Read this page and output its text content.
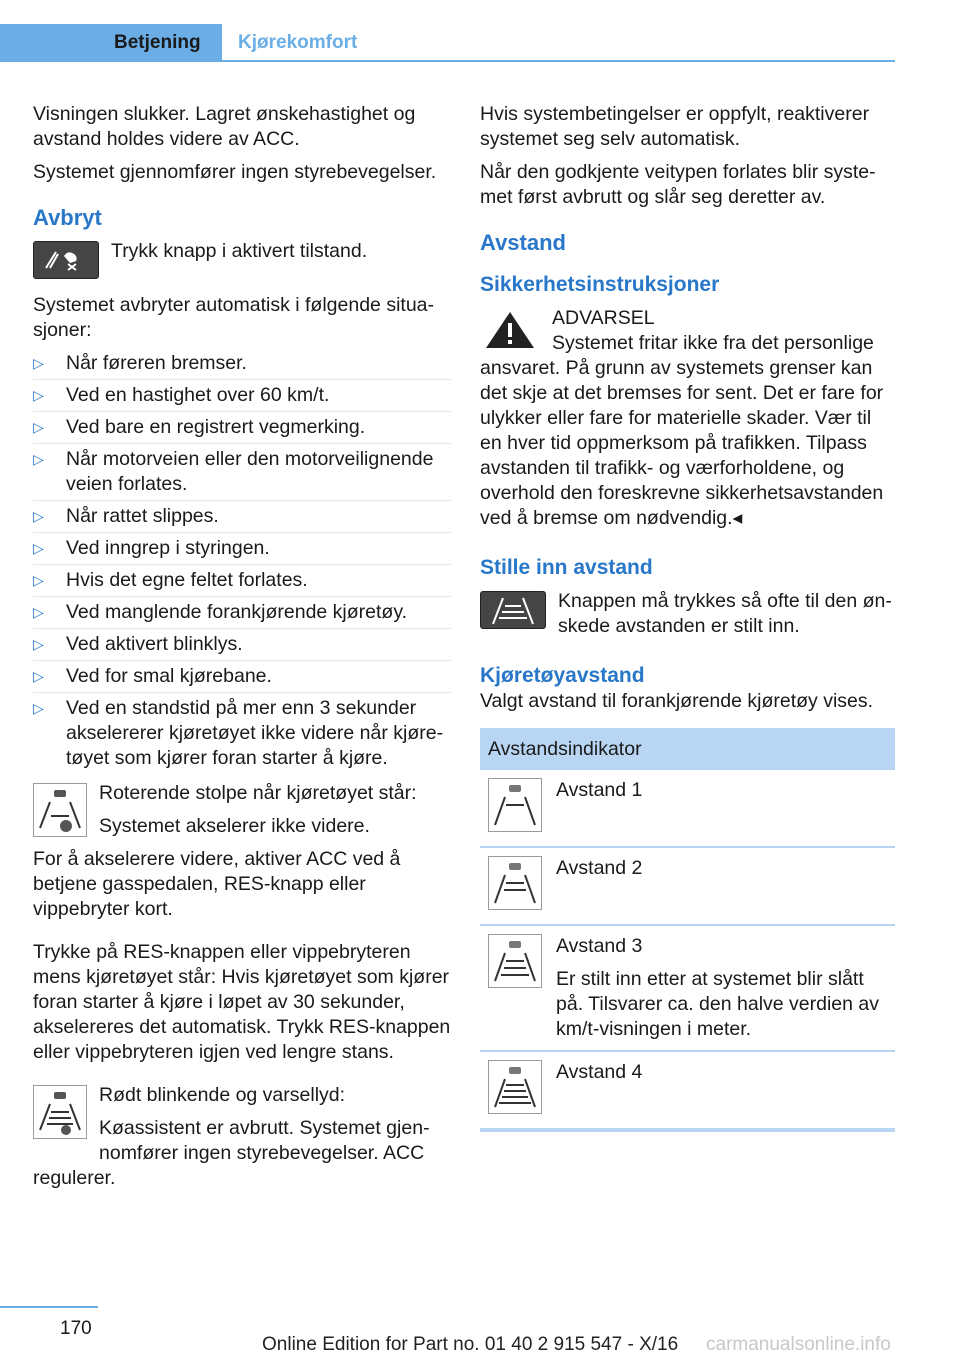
Betjening	Kjørekomfort

Visningen slukker. Lagret ønskehastighet og avstand holdes videre av ACC.

Systemet gjennomfører ingen styrebevegelser.

Avbryt

Trykk knapp i aktivert tilstand.

Systemet avbryter automatisk i følgende situasjoner:

▷ Når føreren bremser.
▷ Ved en hastighet over 60 km/t.
▷ Ved bare en registrert vegmerking.
▷ Når motorveien eller den motorveilignende veien forlates.
▷ Når rattet slippes.
▷ Ved inngrep i styringen.
▷ Hvis det egne feltet forlates.
▷ Ved manglende forankjørende kjøretøy.
▷ Ved aktivert blinklys.
▷ Ved for smal kjørebane.
▷ Ved en standstid på mer enn 3 sekunder akselererer kjøretøyet ikke videre når kjøretøyet som kjører foran starter å kjøre.

Roterende stolpe når kjøretøyet står:

Systemet akselerer ikke videre.

For å akselerere videre, aktiver ACC ved å betjene gasspedalen, RES-knapp eller vippebryter kort.

Trykke på RES-knappen eller vippebryteren mens kjøretøyet står: Hvis kjøretøyet som kjører foran starter å kjøre i løpet av 30 sekunder, akselereres det automatisk. Trykk RES-knappen eller vippebryteren igjen ved lengre stans.

Rødt blinkende og varsellyd:

Køassistent er avbrutt. Systemet gjennomfører ingen styrebevegelser. ACC regulerer.

Hvis systembetingelser er oppfylt, reaktiverer systemet seg selv automatisk.

Når den godkjente veitypen forlates blir systemet først avbrutt og slår seg deretter av.

Avstand
Sikkerhetsinstruksjoner

ADVARSEL

Systemet fritar ikke fra det personlige ansvaret. På grunn av systemets grenser kan det skje at det bremses for sent. Det er fare for ulykker eller fare for materielle skader. Vær til en hver tid oppmerksom på trafikken. Tilpass avstanden til trafikk- og værforholdene, og overhold den foreskrevne sikkerhetsavstanden ved å bremse om nødvendig.◂

Stille inn avstand

Knappen må trykkes så ofte til den ønskede avstanden er stilt inn.

Kjøretøyavstand

Valgt avstand til forankjørende kjøretøy vises.

Avstandsindikator
Avstand 1
Avstand 2
Avstand 3
Er stilt inn etter at systemet blir slått på. Tilsvarer ca. den halve verdien av km/t-visningen i meter.
Avstand 4
170
Online Edition for Part no. 01 40 2 915 547 - X/16 carmanualsonline.info
